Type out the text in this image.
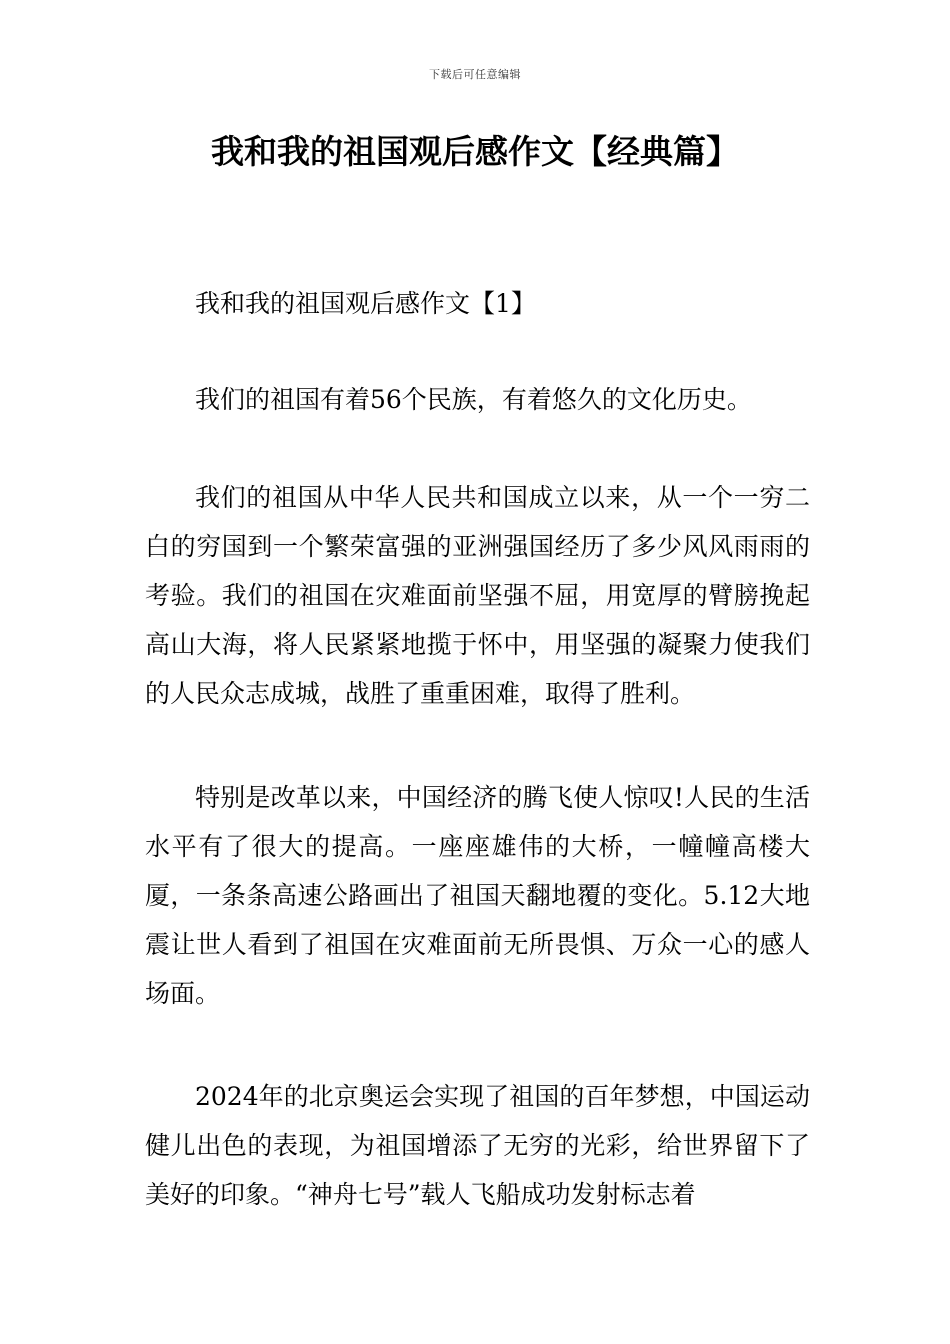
下载后可任意编辑
我和我的祖国观后感作文【经典篇】

我和我的祖国观后感作文【1】

我们的祖国有着56个民族，有着悠久的文化历史。

我们的祖国从中华人民共和国成立以来，从一个一穷二白的穷国到一个繁荣富强的亚洲强国经历了多少风风雨雨的考验。我们的祖国在灾难面前坚强不屈，用宽厚的臂膀挽起高山大海，将人民紧紧地揽于怀中，用坚强的凝聚力使我们的人民众志成城，战胜了重重困难，取得了胜利。

特别是改革以来，中国经济的腾飞使人惊叹!人民的生活水平有了很大的提高。一座座雄伟的大桥，一幢幢高楼大厦，一条条高速公路画出了祖国天翻地覆的变化。5.12大地震让世人看到了祖国在灾难面前无所畏惧、万众一心的感人场面。

2024年的北京奥运会实现了祖国的百年梦想，中国运动健儿出色的表现，为祖国增添了无穷的光彩，给世界留下了美好的印象。“神舟七号”载人飞船成功发射标志着
